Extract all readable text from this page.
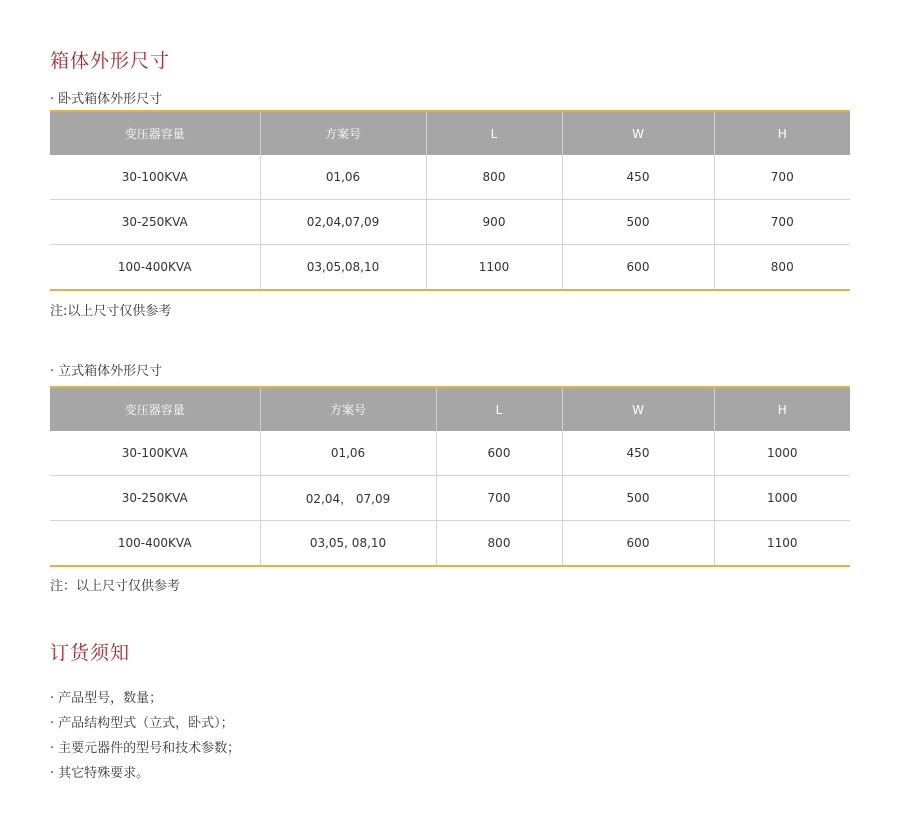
箱体外形尺寸

· 卧式箱体外形尺寸

变压器容量	方案号	L	W	H
30-100KVA	01,06	800	450	700
30-250KVA	02,04,07,09	900	500	700
100-400KVA	03,05,08,10	1100	600	800

注:以上尺寸仅供参考

· 立式箱体外形尺寸

变压器容量	方案号	L	W	H
30-100KVA	01,06	600	450	1000
30-250KVA	02,04， 07,09	700	500	1000
100-400KVA	03,05, 08,10	800	600	1100

注：以上尺寸仅供参考

订货须知
· 产品型号，数量；
· 产品结构型式（立式，卧式）；
· 主要元器件的型号和技术参数；
· 其它特殊要求。
